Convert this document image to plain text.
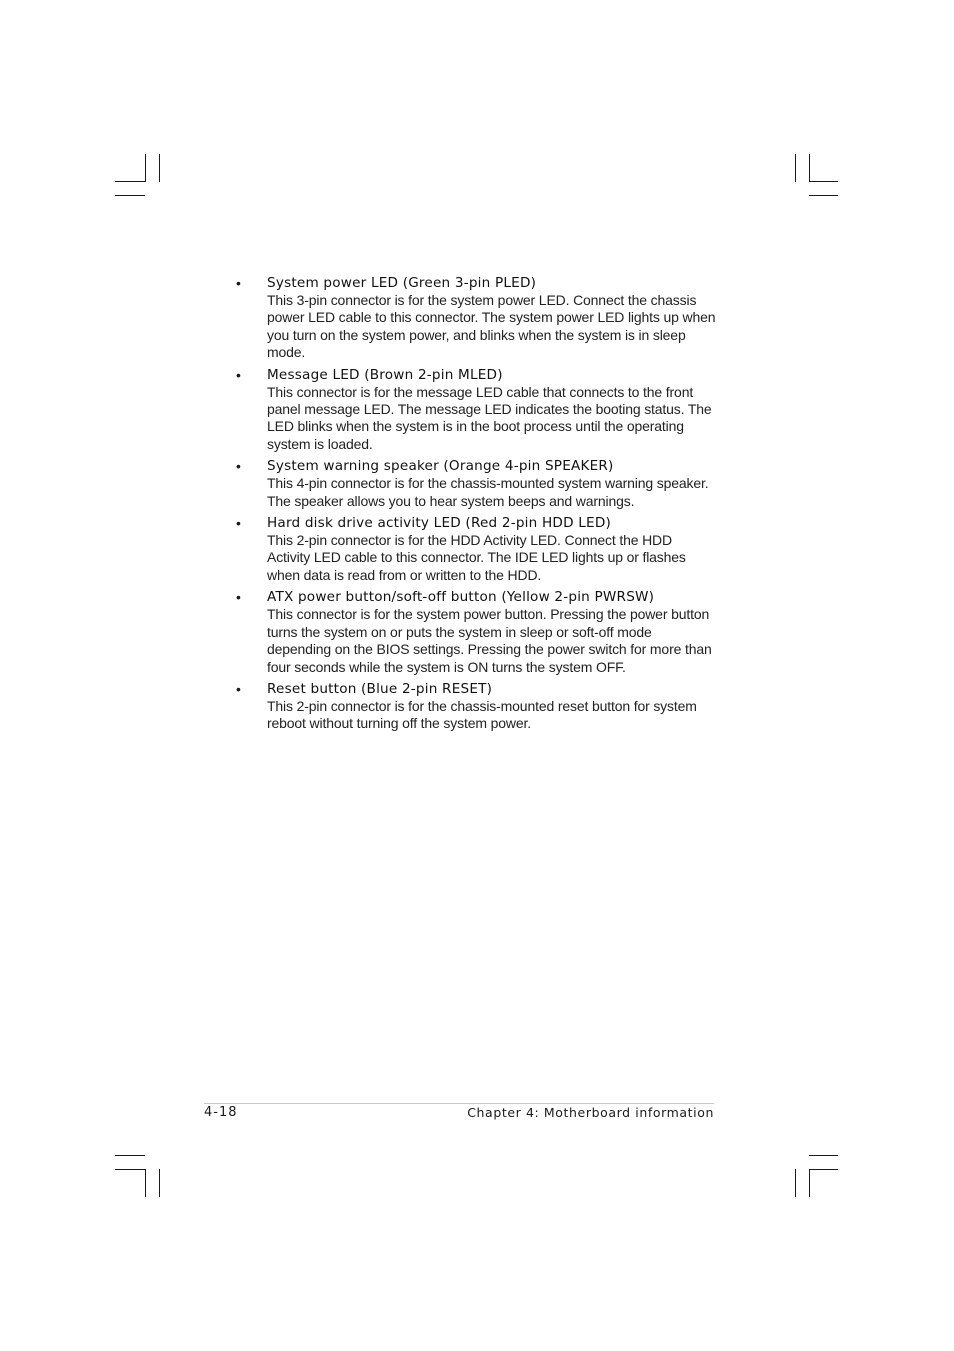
• System power LED (Green 3-pin PLED)
This 3-pin connector is for the system power LED. Connect the chassis power LED cable to this connector. The system power LED lights up when you turn on the system power, and blinks when the system is in sleep mode.
• Message LED (Brown 2-pin MLED)
This connector is for the message LED cable that connects to the front panel message LED. The message LED indicates the booting status. The LED blinks when the system is in the boot process until the operating system is loaded.
• System warning speaker (Orange 4-pin SPEAKER)
This 4-pin connector is for the chassis-mounted system warning speaker. The speaker allows you to hear system beeps and warnings.
• Hard disk drive activity LED (Red 2-pin HDD LED)
This 2-pin connector is for the HDD Activity LED. Connect the HDD Activity LED cable to this connector. The IDE LED lights up or flashes when data is read from or written to the HDD.
• ATX power button/soft-off button (Yellow 2-pin PWRSW)
This connector is for the system power button. Pressing the power button turns the system on or puts the system in sleep or soft-off mode depending on the BIOS settings. Pressing the power switch for more than four seconds while the system is ON turns the system OFF.
• Reset button (Blue 2-pin RESET)
This 2-pin connector is for the chassis-mounted reset button for system reboot without turning off the system power.
4-18	Chapter 4: Motherboard information
